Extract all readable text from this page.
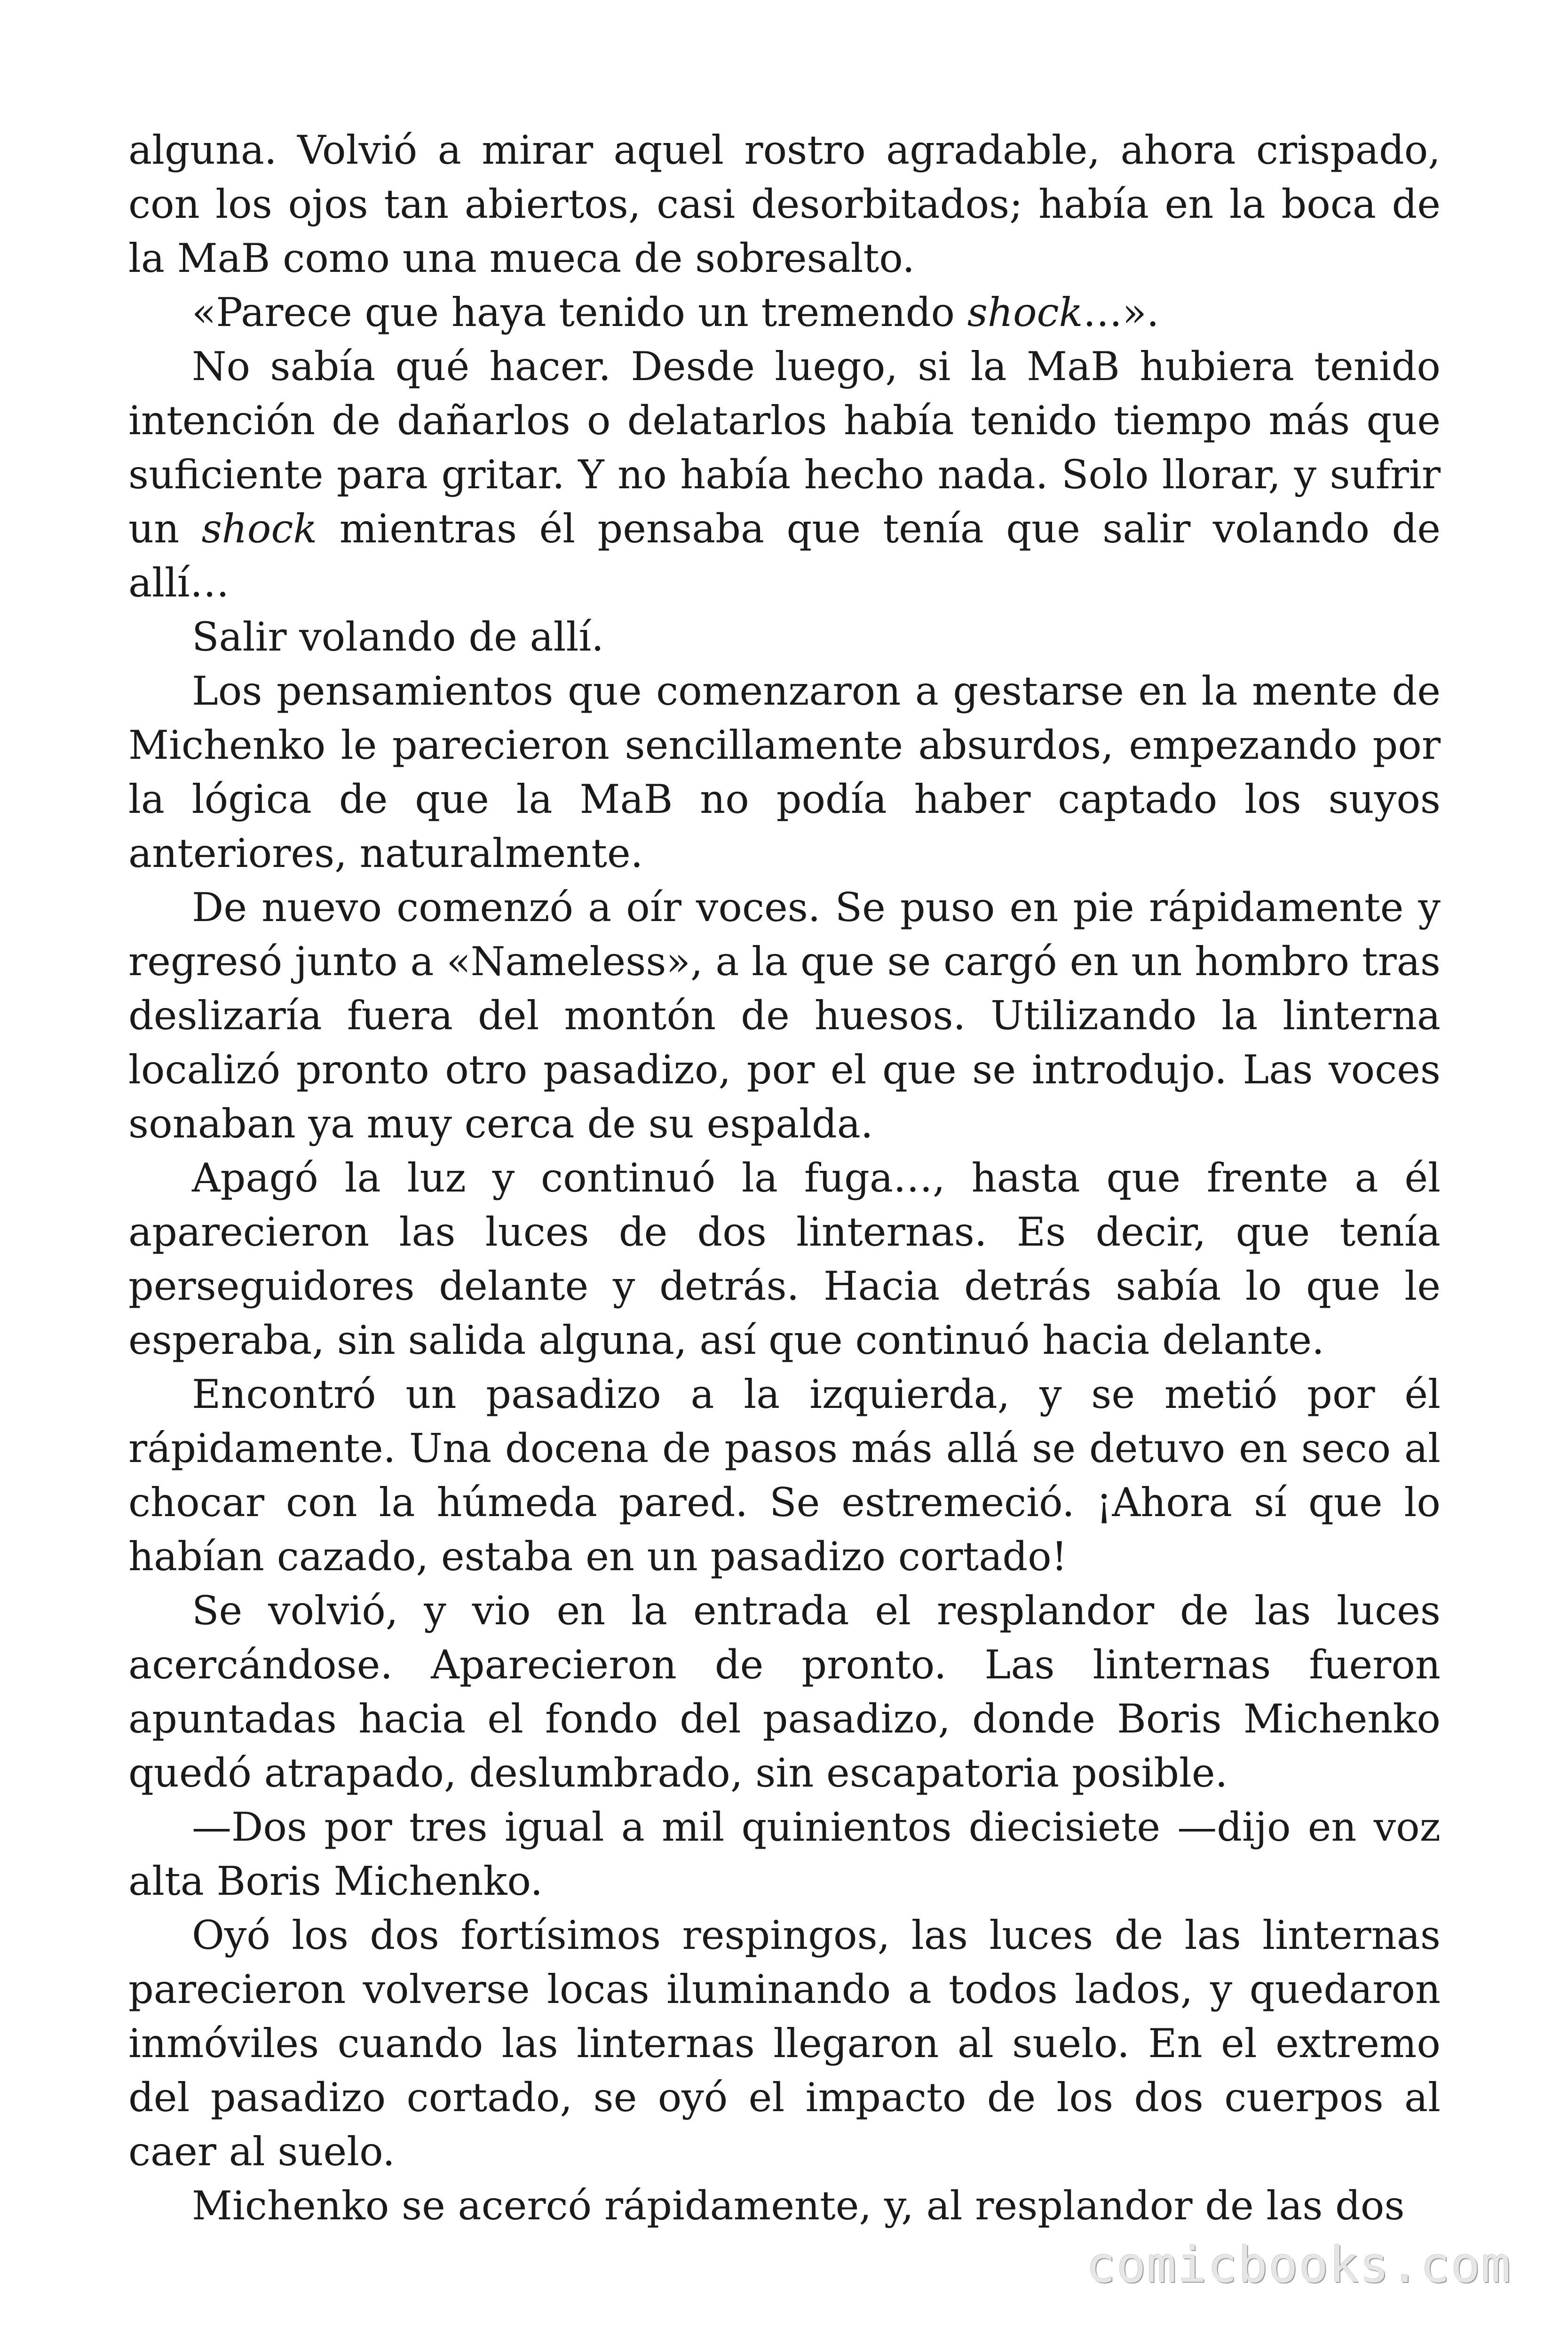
alguna. Volvió a mirar aquel rostro agradable, ahora crispado, con los ojos tan abiertos, casi desorbitados; había en la boca de la MaB como una mueca de sobresalto.

«Parece que haya tenido un tremendo shock…».

No sabía qué hacer. Desde luego, si la MaB hubiera tenido intención de dañarlos o delatarlos había tenido tiempo más que suficiente para gritar. Y no había hecho nada. Solo llorar, y sufrir un shock mientras él pensaba que tenía que salir volando de allí…

Salir volando de allí.

Los pensamientos que comenzaron a gestarse en la mente de Michenko le parecieron sencillamente absurdos, empezando por la lógica de que la MaB no podía haber captado los suyos anteriores, naturalmente.

De nuevo comenzó a oír voces. Se puso en pie rápidamente y regresó junto a «Nameless», a la que se cargó en un hombro tras deslizaría fuera del montón de huesos. Utilizando la linterna localizó pronto otro pasadizo, por el que se introdujo. Las voces sonaban ya muy cerca de su espalda.

Apagó la luz y continuó la fuga…, hasta que frente a él aparecieron las luces de dos linternas. Es decir, que tenía perseguidores delante y detrás. Hacia detrás sabía lo que le esperaba, sin salida alguna, así que continuó hacia delante.

Encontró un pasadizo a la izquierda, y se metió por él rápidamente. Una docena de pasos más allá se detuvo en seco al chocar con la húmeda pared. Se estremeció. ¡Ahora sí que lo habían cazado, estaba en un pasadizo cortado!

Se volvió, y vio en la entrada el resplandor de las luces acercándose. Aparecieron de pronto. Las linternas fueron apuntadas hacia el fondo del pasadizo, donde Boris Michenko quedó atrapado, deslumbrado, sin escapatoria posible.

—Dos por tres igual a mil quinientos diecisiete —dijo en voz alta Boris Michenko.

Oyó los dos fortísimos respingos, las luces de las linternas parecieron volverse locas iluminando a todos lados, y quedaron inmóviles cuando las linternas llegaron al suelo. En el extremo del pasadizo cortado, se oyó el impacto de los dos cuerpos al caer al suelo.

Michenko se acercó rápidamente, y, al resplandor de las dos

comicbooks.com
